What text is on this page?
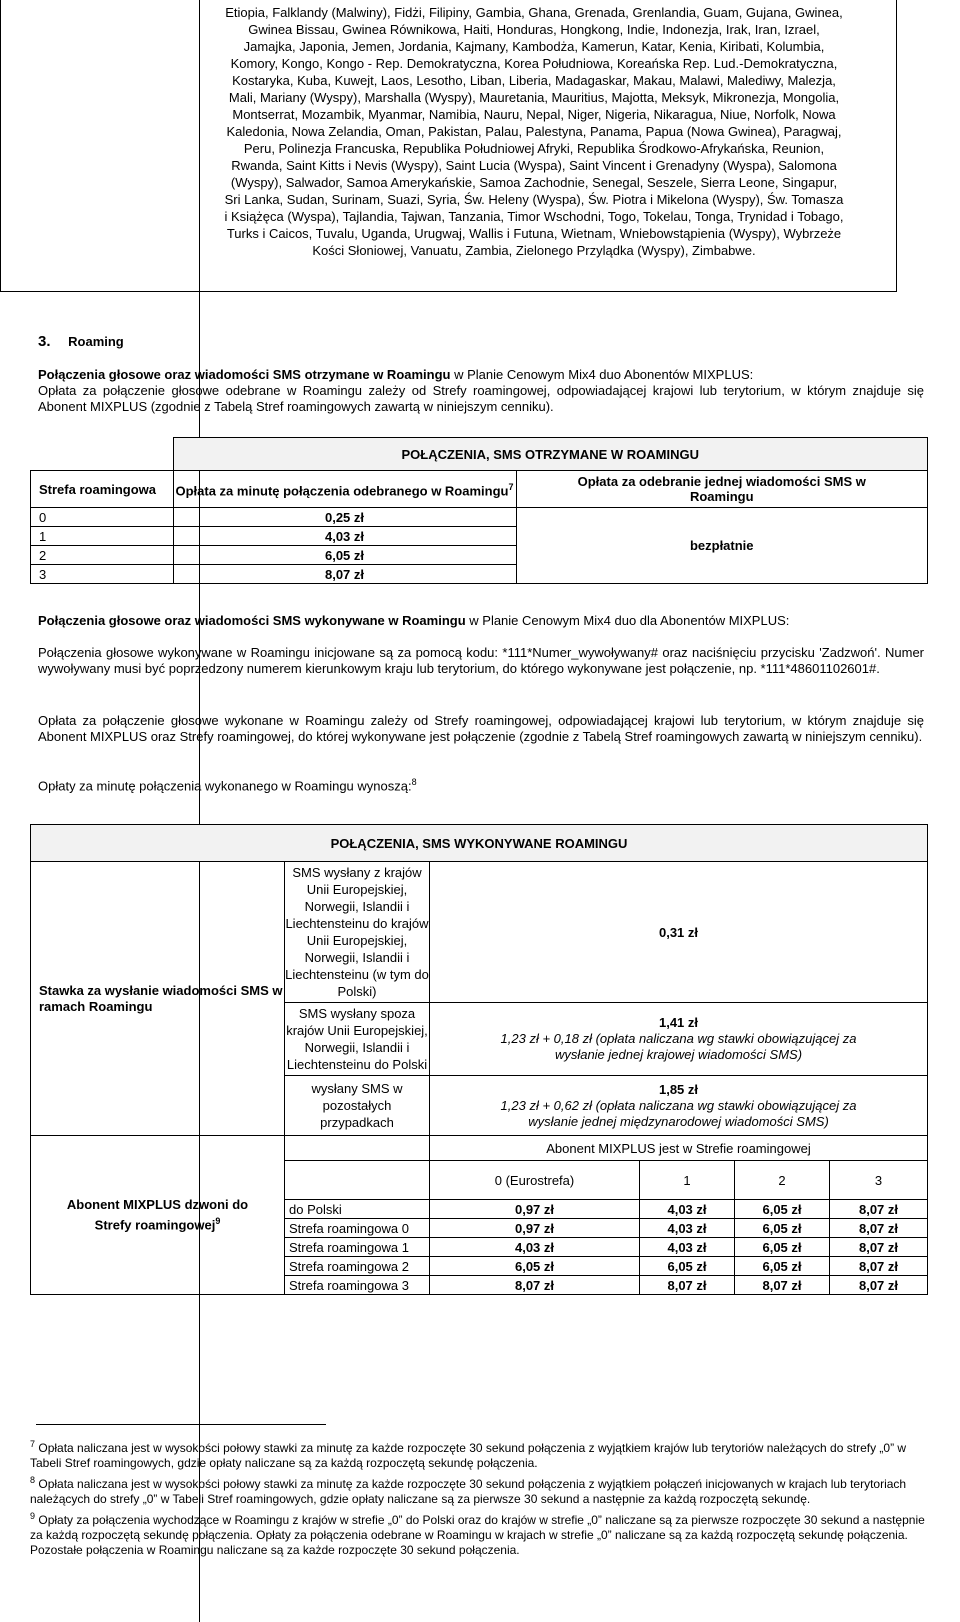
Etiopia, Falklandy (Malwiny), Fidżi, Filipiny, Gambia, Ghana, Grenada, Grenlandia, Guam, Gujana, Gwinea, Gwinea Bissau, Gwinea Równikowa, Haiti, Honduras, Hongkong, Indie, Indonezja, Irak, Iran, Izrael, Jamajka, Japonia, Jemen, Jordania, Kajmany, Kambodża, Kamerun, Katar, Kenia, Kiribati, Kolumbia, Komory, Kongo, Kongo - Rep. Demokratyczna, Korea Południowa, Koreańska Rep. Lud.-Demokratyczna, Kostaryka, Kuba, Kuwejt, Laos, Lesotho, Liban, Liberia, Madagaskar, Makau, Malawi, Malediwy, Malezja, Mali, Mariany (Wyspy), Marshalla (Wyspy), Mauretania, Mauritius, Majotta, Meksyk, Mikronezja, Mongolia, Montserrat, Mozambik, Myanmar, Namibia, Nauru, Nepal, Niger, Nigeria, Nikaragua, Niue, Norfolk, Nowa Kaledonia, Nowa Zelandia, Oman, Pakistan, Palau, Palestyna, Panama, Papua (Nowa Gwinea), Paragwaj, Peru, Polinezja Francuska, Republika Południowej Afryki, Republika Środkowo-Afrykańska, Reunion, Rwanda, Saint Kitts i Nevis (Wyspy), Saint Lucia (Wyspa), Saint Vincent i Grenadyny (Wyspa), Salomona (Wyspy), Salwador, Samoa Amerykańskie, Samoa Zachodnie, Senegal, Seszele, Sierra Leone, Singapur, Sri Lanka, Sudan, Surinam, Suazi, Syria, Św. Heleny (Wyspa), Św. Piotra i Mikelona (Wyspy), Św. Tomasza i Książęca (Wyspa), Tajlandia, Tajwan, Tanzania, Timor Wschodni, Togo, Tokelau, Tonga, Trynidad i Tobago, Turks i Caicos, Tuvalu, Uganda, Urugwaj, Wallis i Futuna, Wietnam, Wniebowstąpienia (Wyspy), Wybrzeże Kości Słoniowej, Vanuatu, Zambia, Zielonego Przylądka (Wyspy), Zimbabwe.
3. Roaming
Połączenia głosowe oraz wiadomości SMS otrzymane w Roamingu w Planie Cenowym Mix4 duo Abonentów MIXPLUS:
Opłata za połączenie głosowe odebrane w Roamingu zależy od Strefy roamingowej, odpowiadającej krajowi lub terytorium, w którym znajduje się Abonent MIXPLUS (zgodnie z Tabelą Stref roamingowych zawartą w niniejszym cenniku).
	POŁĄCZENIA, SMS OTRZYMANE W ROAMINGU	
Strefa roamingowa	Opłata za minutę połączenia odebranego w Roamingu$^7$	Opłata za odebranie jednej wiadomości SMS w Roamingu
0	0,25 zł	bezpłatnie
1	4,03 zł	
2	6,05 zł	
3	8,07 zł	
Połączenia głosowe oraz wiadomości SMS wykonywane w Roamingu w Planie Cenowym Mix4 duo dla Abonentów MIXPLUS:
Połączenia głosowe wykonywane w Roamingu inicjowane są za pomocą kodu: *111*Numer_wywoływany# oraz naciśnięciu przycisku 'Zadzwoń'. Numer wywoływany musi być poprzedzony numerem kierunkowym kraju lub terytorium, do którego wykonywane jest połączenie, np. *111*48601102601#.
Opłata za połączenie głosowe wykonane w Roamingu zależy od Strefy roamingowej, odpowiadającej krajowi lub terytorium, w którym znajduje się Abonent MIXPLUS oraz Strefy roamingowej, do której wykonywane jest połączenie (zgodnie z Tabelą Stref roamingowych zawartą w niniejszym cenniku).
Opłaty za minutę połączenia wykonanego w Roamingu wynoszą:$^8$
POŁĄCZENIA, SMS WYKONYWANE ROAMINGU					
Stawka za wysłanie wiadomości SMS w ramach Roamingu	SMS wysłany z krajów Unii Europejskiej, Norwegii, Islandii i Liechtensteinu do krajów Unii Europejskiej, Norwegii, Islandii i Liechtensteinu (w tym do Polski)	0,31 zł			
	SMS wysłany spoza krajów Unii Europejskiej, Norwegii, Islandii i Liechtensteinu do Polski	1,41 zł
1,23 zł + 0,18 zł (opłata naliczana wg stawki obowiązującej za wysłanie jednej krajowej wiadomości SMS)			

	wysłany SMS w pozostałych przypadkach	1,85 zł
1,23 zł + 0,62 zł (opłata naliczana wg stawki obowiązującej za wysłanie jednej międzynarodowej wiadomości SMS)			

Abonent MIXPLUS dzwoni do Strefy roamingowej$^9$		Abonent MIXPLUS jest w Strefie roamingowej			
		0 (Eurostrefa)	1	2	3
	do Polski	0,97 zł	4,03 zł	6,05 zł	8,07 zł
	Strefa roamingowa 0	0,97 zł	4,03 zł	6,05 zł	8,07 zł
	Strefa roamingowa 1	4,03 zł	4,03 zł	6,05 zł	8,07 zł
	Strefa roamingowa 2	6,05 zł	6,05 zł	6,05 zł	8,07 zł
	Strefa roamingowa 3	8,07 zł	8,07 zł	8,07 zł	8,07 zł
$^7$ Opłata naliczana jest w wysokości połowy stawki za minutę za każde rozpoczęte 30 sekund połączenia z wyjątkiem krajów lub terytoriów należących do strefy „0” w Tabeli Stref roamingowych, gdzie opłaty naliczane są za każdą rozpoczętą sekundę połączenia.
$^8$ Opłata naliczana jest w wysokości połowy stawki za minutę za każde rozpoczęte 30 sekund połączenia z wyjątkiem połączeń inicjowanych w krajach lub terytoriach należących do strefy „0” w Tabeli Stref roamingowych, gdzie opłaty naliczane są za pierwsze 30 sekund a następnie za każdą rozpoczętą sekundę.
$^9$ Opłaty za połączenia wychodzące w Roamingu z krajów w strefie „0” do Polski oraz do krajów w strefie „0” naliczane są za pierwsze rozpoczęte 30 sekund a następnie za każdą rozpoczętą sekundę połączenia. Opłaty za połączenia odebrane w Roamingu w krajach w strefie „0” naliczane są za każdą rozpoczętą sekundę połączenia. Pozostałe połączenia w Roamingu naliczane są za każde rozpoczęte 30 sekund połączenia.
